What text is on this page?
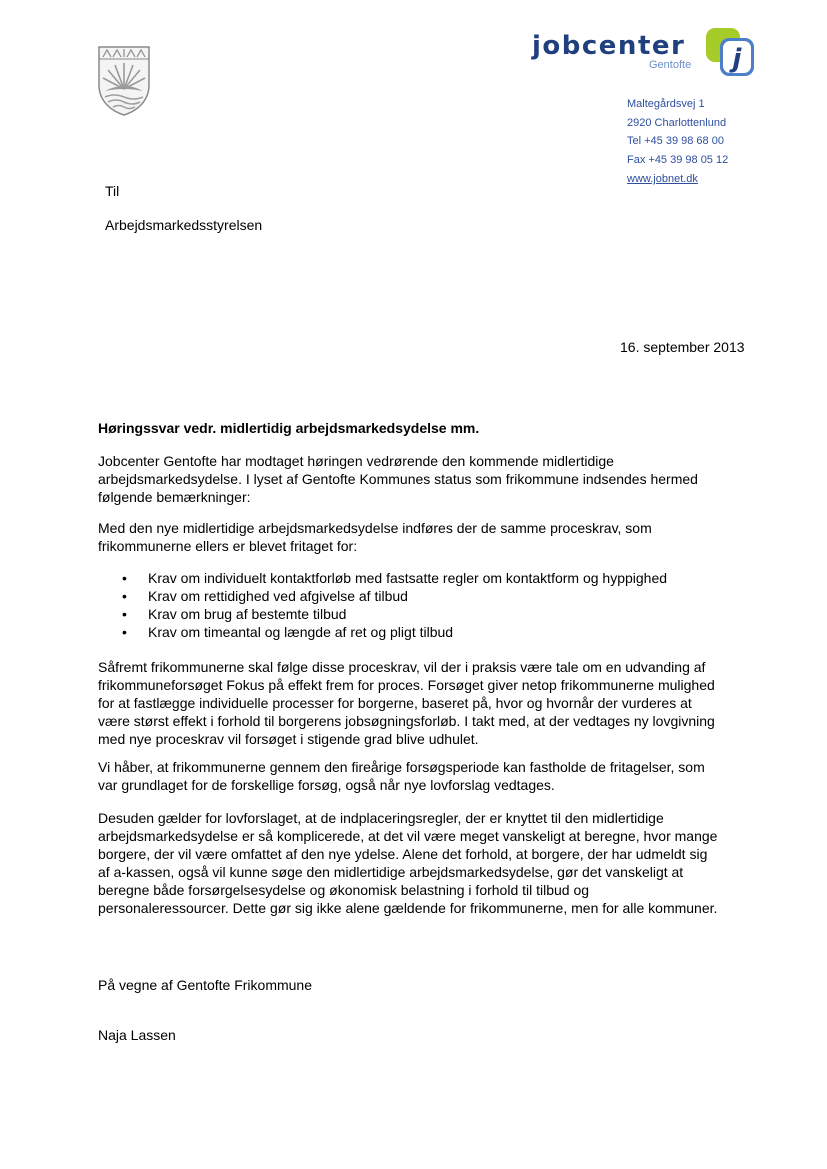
jobcenter
Gentofte j
Maltegårdsvej 1
2920 Charlottenlund
Tel +45 39 98 68 00
Fax +45 39 98 05 12
www.jobnet.dk
Til
Arbejdsmarkedsstyrelsen
16. september 2013
Høringssvar vedr. midlertidig arbejdsmarkedsydelse mm.
Jobcenter Gentofte har modtaget høringen vedrørende den kommende midlertidige
arbejdsmarkedsydelse. I lyset af Gentofte Kommunes status som frikommune indsendes hermed
følgende bemærkninger:
Med den nye midlertidige arbejdsmarkedsydelse indføres der de samme proceskrav, som
frikommunerne ellers er blevet fritaget for:
• Krav om individuelt kontaktforløb med fastsatte regler om kontaktform og hyppighed
• Krav om rettidighed ved afgivelse af tilbud
• Krav om brug af bestemte tilbud
• Krav om timeantal og længde af ret og pligt tilbud
Såfremt frikommunerne skal følge disse proceskrav, vil der i praksis være tale om en udvanding af
frikommuneforsøget Fokus på effekt frem for proces. Forsøget giver netop frikommunerne mulighed
for at fastlægge individuelle processer for borgerne, baseret på, hvor og hvornår der vurderes at
være størst effekt i forhold til borgerens jobsøgningsforløb. I takt med, at der vedtages ny lovgivning
med nye proceskrav vil forsøget i stigende grad blive udhulet.
Vi håber, at frikommunerne gennem den fireårige forsøgsperiode kan fastholde de fritagelser, som
var grundlaget for de forskellige forsøg, også når nye lovforslag vedtages.
Desuden gælder for lovforslaget, at de indplaceringsregler, der er knyttet til den midlertidige
arbejdsmarkedsydelse er så komplicerede, at det vil være meget vanskeligt at beregne, hvor mange
borgere, der vil være omfattet af den nye ydelse. Alene det forhold, at borgere, der har udmeldt sig
af a-kassen, også vil kunne søge den midlertidige arbejdsmarkedsydelse, gør det vanskeligt at
beregne både forsørgelsesydelse og økonomisk belastning i forhold til tilbud og
personaleressourcer. Dette gør sig ikke alene gældende for frikommunerne, men for alle kommuner.
På vegne af Gentofte Frikommune
Naja Lassen
